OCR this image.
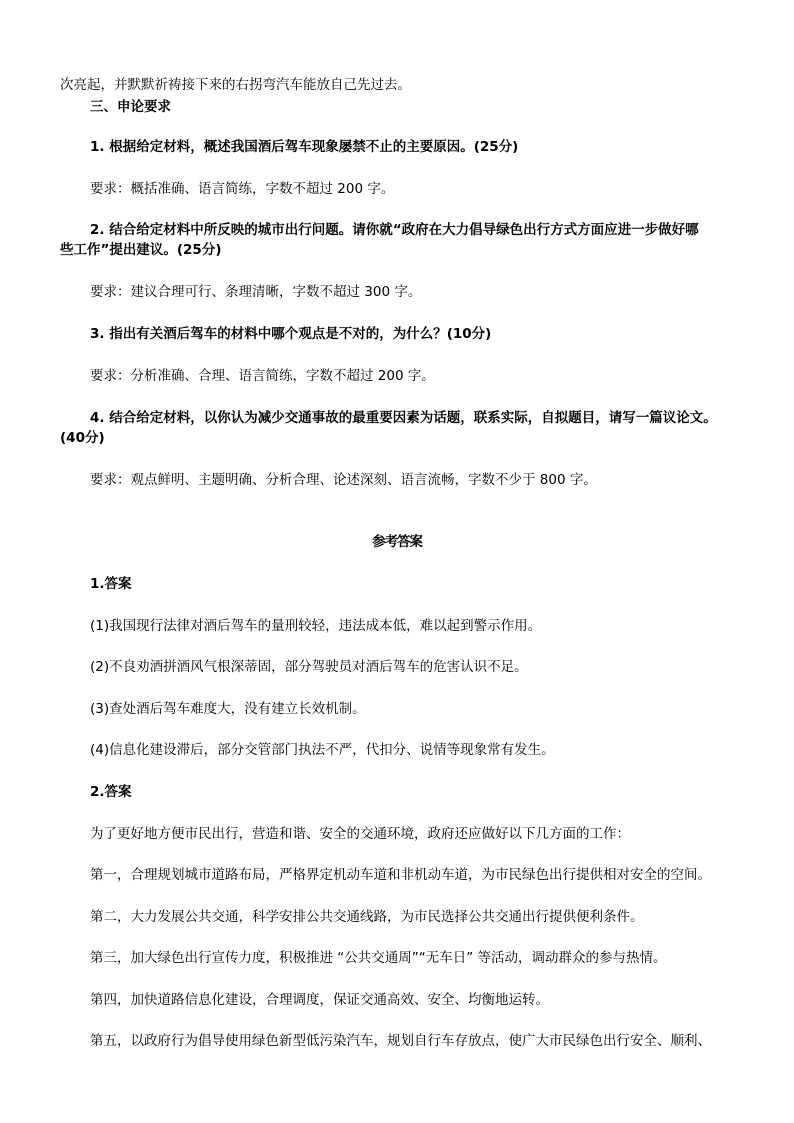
次亮起，并默默祈祷接下来的右拐弯汽车能放自己先过去。
三、申论要求
1. 根据给定材料，概述我国酒后驾车现象屡禁不止的主要原因。(25分)
要求：概括准确、语言简练，字数不超过 200 字。
2. 结合给定材料中所反映的城市出行问题。请你就“政府在大力倡导绿色出行方式方面应进一步做好哪
些工作”提出建议。(25分)
要求：建议合理可行、条理清晰，字数不超过 300 字。
3. 指出有关酒后驾车的材料中哪个观点是不对的，为什么？(10分)
要求：分析准确、合理、语言简练，字数不超过 200 字。
4. 结合给定材料，以你认为减少交通事故的最重要因素为话题，联系实际，自拟题目，请写一篇议论文。
(40分)
要求：观点鲜明、主题明确、分析合理、论述深刻、语言流畅，字数不少于 800 字。
参考答案
1.答案
(1)我国现行法律对酒后驾车的量刑较轻，违法成本低，难以起到警示作用。
(2)不良劝酒拼酒风气根深蒂固，部分驾驶员对酒后驾车的危害认识不足。
(3)查处酒后驾车难度大，没有建立长效机制。
(4)信息化建设滞后，部分交管部门执法不严，代扣分、说情等现象常有发生。
2.答案
为了更好地方便市民出行，营造和谐、安全的交通环境，政府还应做好以下几方面的工作：
第一，合理规划城市道路布局，严格界定机动车道和非机动车道，为市民绿色出行提供相对安全的空间。
第二，大力发展公共交通，科学安排公共交通线路，为市民选择公共交通出行提供便利条件。
第三，加大绿色出行宣传力度，积极推进 “公共交通周”“无车日” 等活动，调动群众的参与热情。
第四，加快道路信息化建设，合理调度，保证交通高效、安全、均衡地运转。
第五，以政府行为倡导使用绿色新型低污染汽车，规划自行车存放点，使广大市民绿色出行安全、顺利、
